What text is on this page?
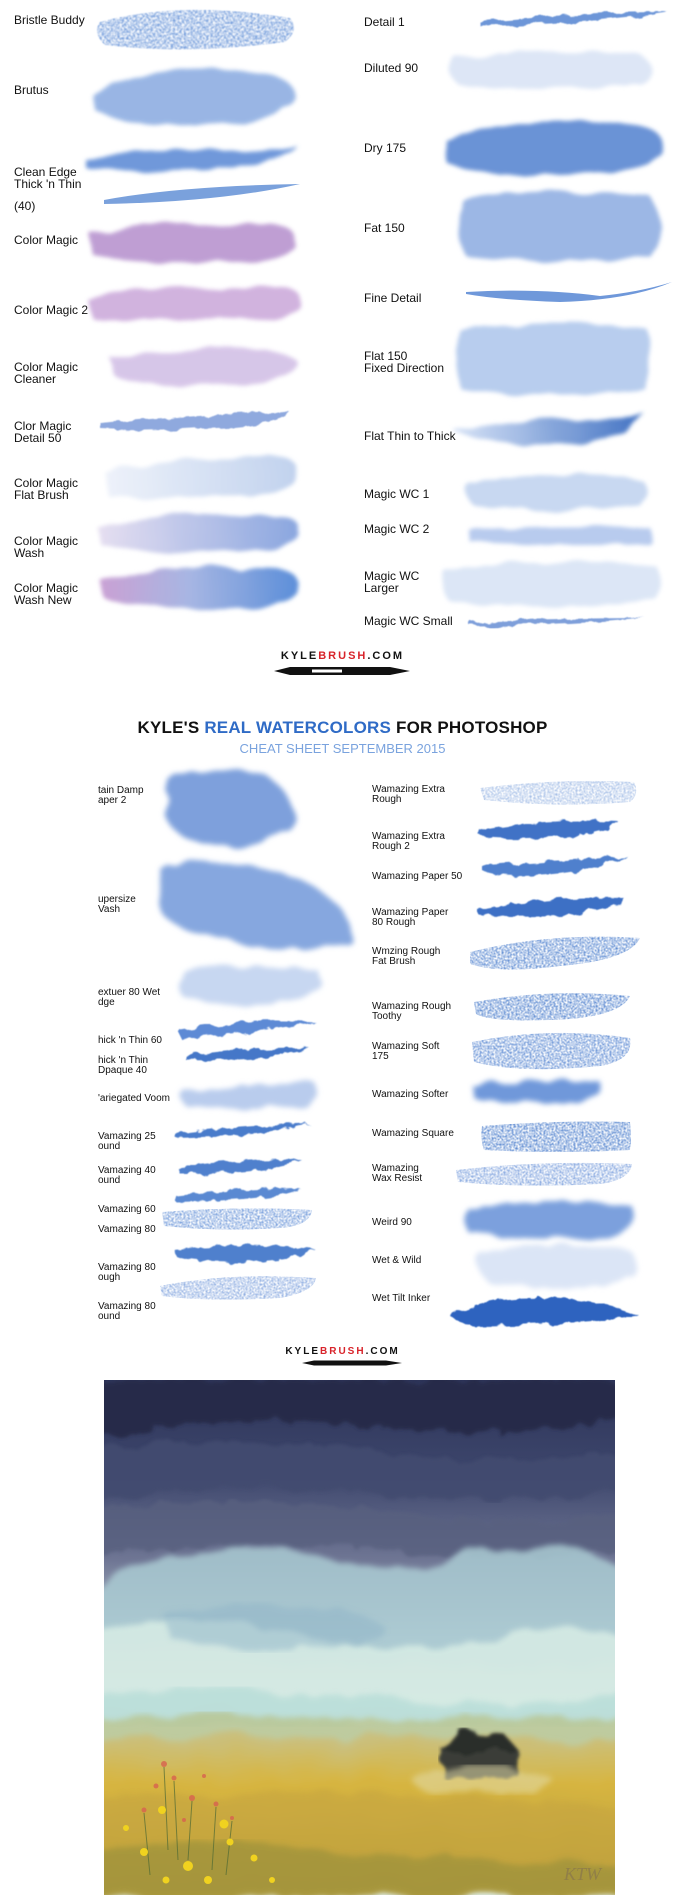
Bristle Buddy
Brutus
Clean Edge
Thick 'n Thin
(40)
Color Magic
Color Magic 2
Color Magic
Cleaner
Clor Magic
Detail 50
Color Magic
Flat Brush
Color Magic
Wash
Color Magic
Wash New
Detail 1
Diluted 90
Dry 175
Fat 150
Fine Detail
Flat 150
Fixed Direction
Flat Thin to Thick
Magic WC 1
Magic WC 2
Magic WC
Larger
Magic WC Small
KYLEBRUSH.COM
KYLE'S REAL WATERCOLORS FOR PHOTOSHOP
CHEAT SHEET SEPTEMBER 2015
tain Damp
aper 2
upersize
Vash
extuer 80 Wet
dge
hick 'n Thin 60
hick 'n Thin
Dpaque 40
'ariegated Voom
Vamazing 25
ound
Vamazing 40
ound
Vamazing 60
Vamazing 80
Vamazing 80
ough
Vamazing 80
ound
Wamazing Extra
Rough
Wamazing Extra
Rough 2
Wamazing Paper 50
Wamazing Paper
80 Rough
Wmzing Rough
Fat Brush
Wamazing Rough
Toothy
Wamazing Soft
175
Wamazing Softer
Wamazing Square
Wamazing
Wax Resist
Weird 90
Wet & Wild
Wet Tilt Inker
KYLEBRUSH.COM
KTW
